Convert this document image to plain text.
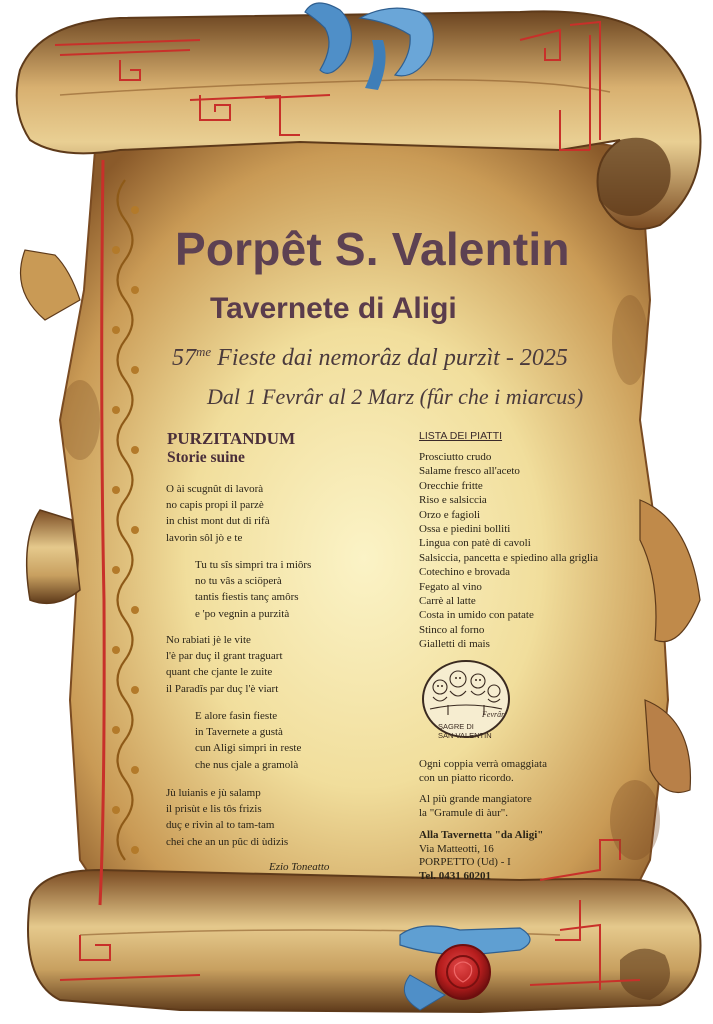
Porpêt S. Valentin
Tavernete di Aligi
$57^{me}$ Fieste dai nemorâz dal purzìt - 2025
Dal 1 Fevrâr al 2 Marz (fûr che i miarcus)
PURZITANDUM
Storie suine
O ài scugnût di lavorà
no capis propi il parzè
in chist mont dut di rifà
lavorìn sôl jò e te
Tu tu sîs simpri tra i miôrs
no tu vâs a sciöperà
tantis fiestis tanç amôrs
e 'po vegnin a purzità
No rabiati jè le vite
l'è par duç il grant traguart
quant che cjante le zuite
il Paradîs par duç l'è viart
E alore fasìn fieste
in Tavernete a gustà
cun Aligi simpri in reste
che nus cjale a gramolà
Jù luianis e jù salamp
il prisùt e lis tôs frizis
duç e rivin al to tam-tam
chei che an un pûc di ùdizis
Ezio Toneatto
LISTA DEI PIATTI
Prosciutto crudo
Salame fresco all'aceto
Orecchie fritte
Riso e salsiccia
Orzo e fagioli
Ossa e piedini bolliti
Lingua con patè di cavoli
Salsiccia, pancetta e spiedino alla griglia
Cotechino e brovada
Fegato al vino
Carrè al latte
Costa in umido con patate
Stinco al forno
Gialletti di mais
Fevrâr
SAGRE DI
SAN VALENTIN
Ogni coppia verrà omaggiata
con un piatto ricordo.
Al più grande mangiatore
la "Gramule di àur".
Alla Tavernetta "da Aligi"
Via Matteotti, 16
PORPETTO (Ud) - I
Tel. 0431 60201
